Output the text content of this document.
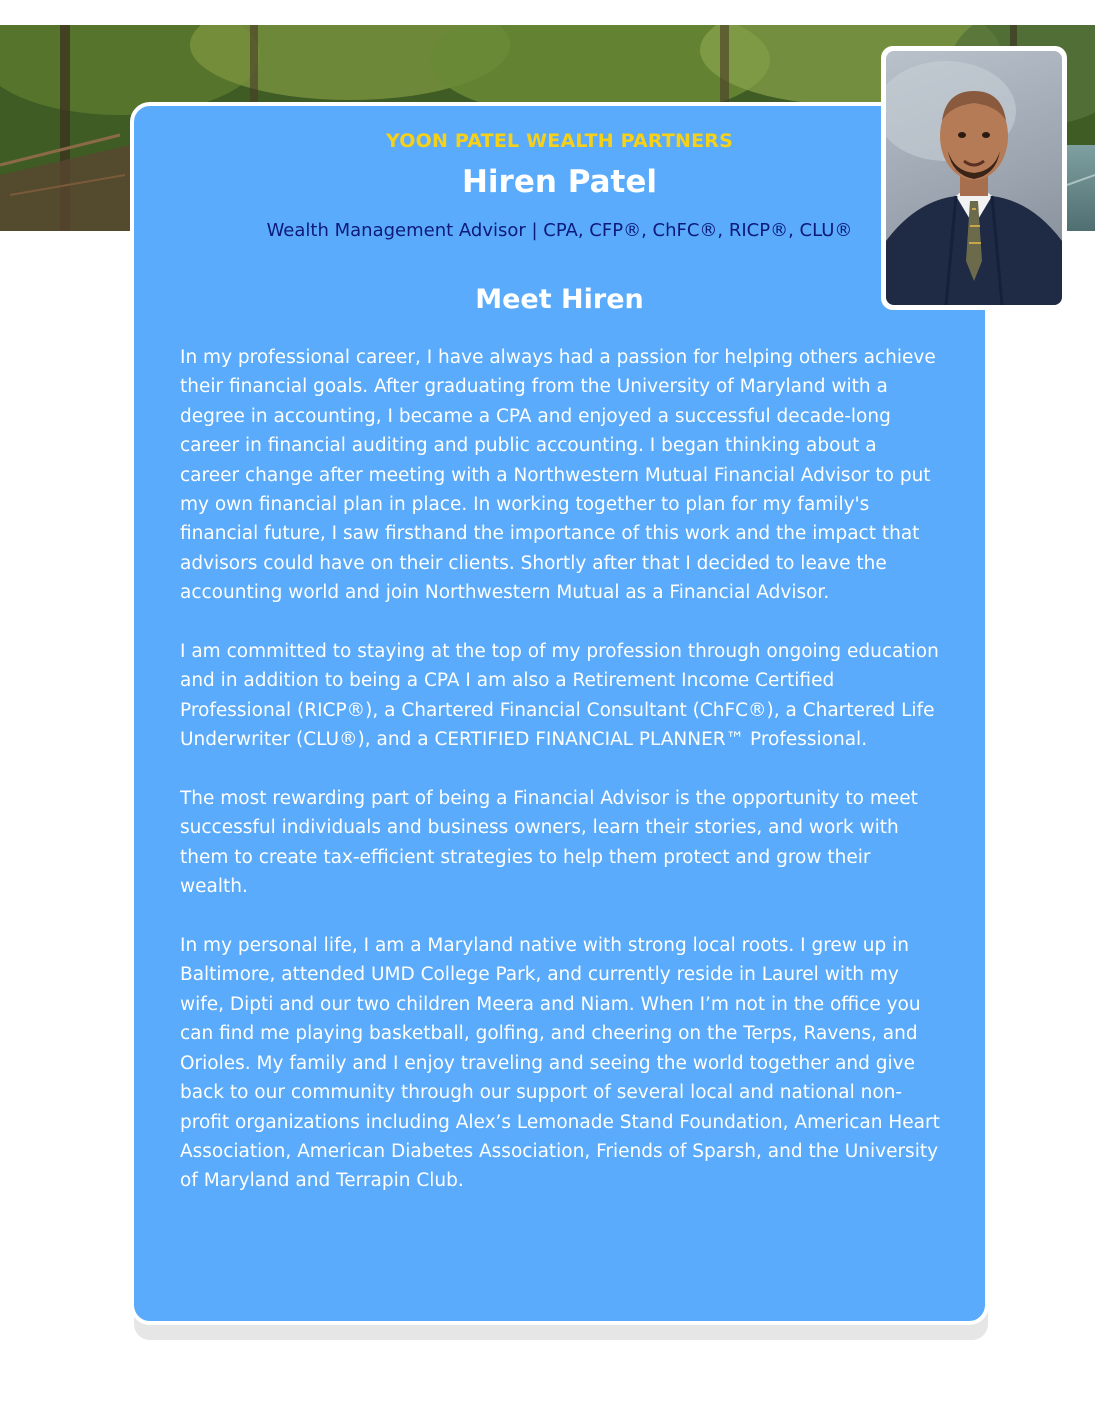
YOON PATEL WEALTH PARTNERS
Hiren Patel
Wealth Management Advisor | CPA, CFP®, ChFC®, RICP®, CLU®
Meet Hiren

In my professional career, I have always had a passion for helping others achieve their financial goals. After graduating from the University of Maryland with a degree in accounting, I became a CPA and enjoyed a successful decade-long career in financial auditing and public accounting. I began thinking about a career change after meeting with a Northwestern Mutual Financial Advisor to put my own financial plan in place. In working together to plan for my family's financial future, I saw firsthand the importance of this work and the impact that advisors could have on their clients. Shortly after that I decided to leave the accounting world and join Northwestern Mutual as a Financial Advisor.

I am committed to staying at the top of my profession through ongoing education and in addition to being a CPA I am also a Retirement Income Certified Professional (RICP®), a Chartered Financial Consultant (ChFC®), a Chartered Life Underwriter (CLU®), and a CERTIFIED FINANCIAL PLANNER™ Professional.

The most rewarding part of being a Financial Advisor is the opportunity to meet successful individuals and business owners, learn their stories, and work with them to create tax-efficient strategies to help them protect and grow their wealth.

In my personal life, I am a Maryland native with strong local roots. I grew up in Baltimore, attended UMD College Park, and currently reside in Laurel with my wife, Dipti and our two children Meera and Niam. When I’m not in the office you can find me playing basketball, golfing, and cheering on the Terps, Ravens, and Orioles. My family and I enjoy traveling and seeing the world together and give back to our community through our support of several local and national non-profit organizations including Alex’s Lemonade Stand Foundation, American Heart Association, American Diabetes Association, Friends of Sparsh, and the University of Maryland and Terrapin Club.
